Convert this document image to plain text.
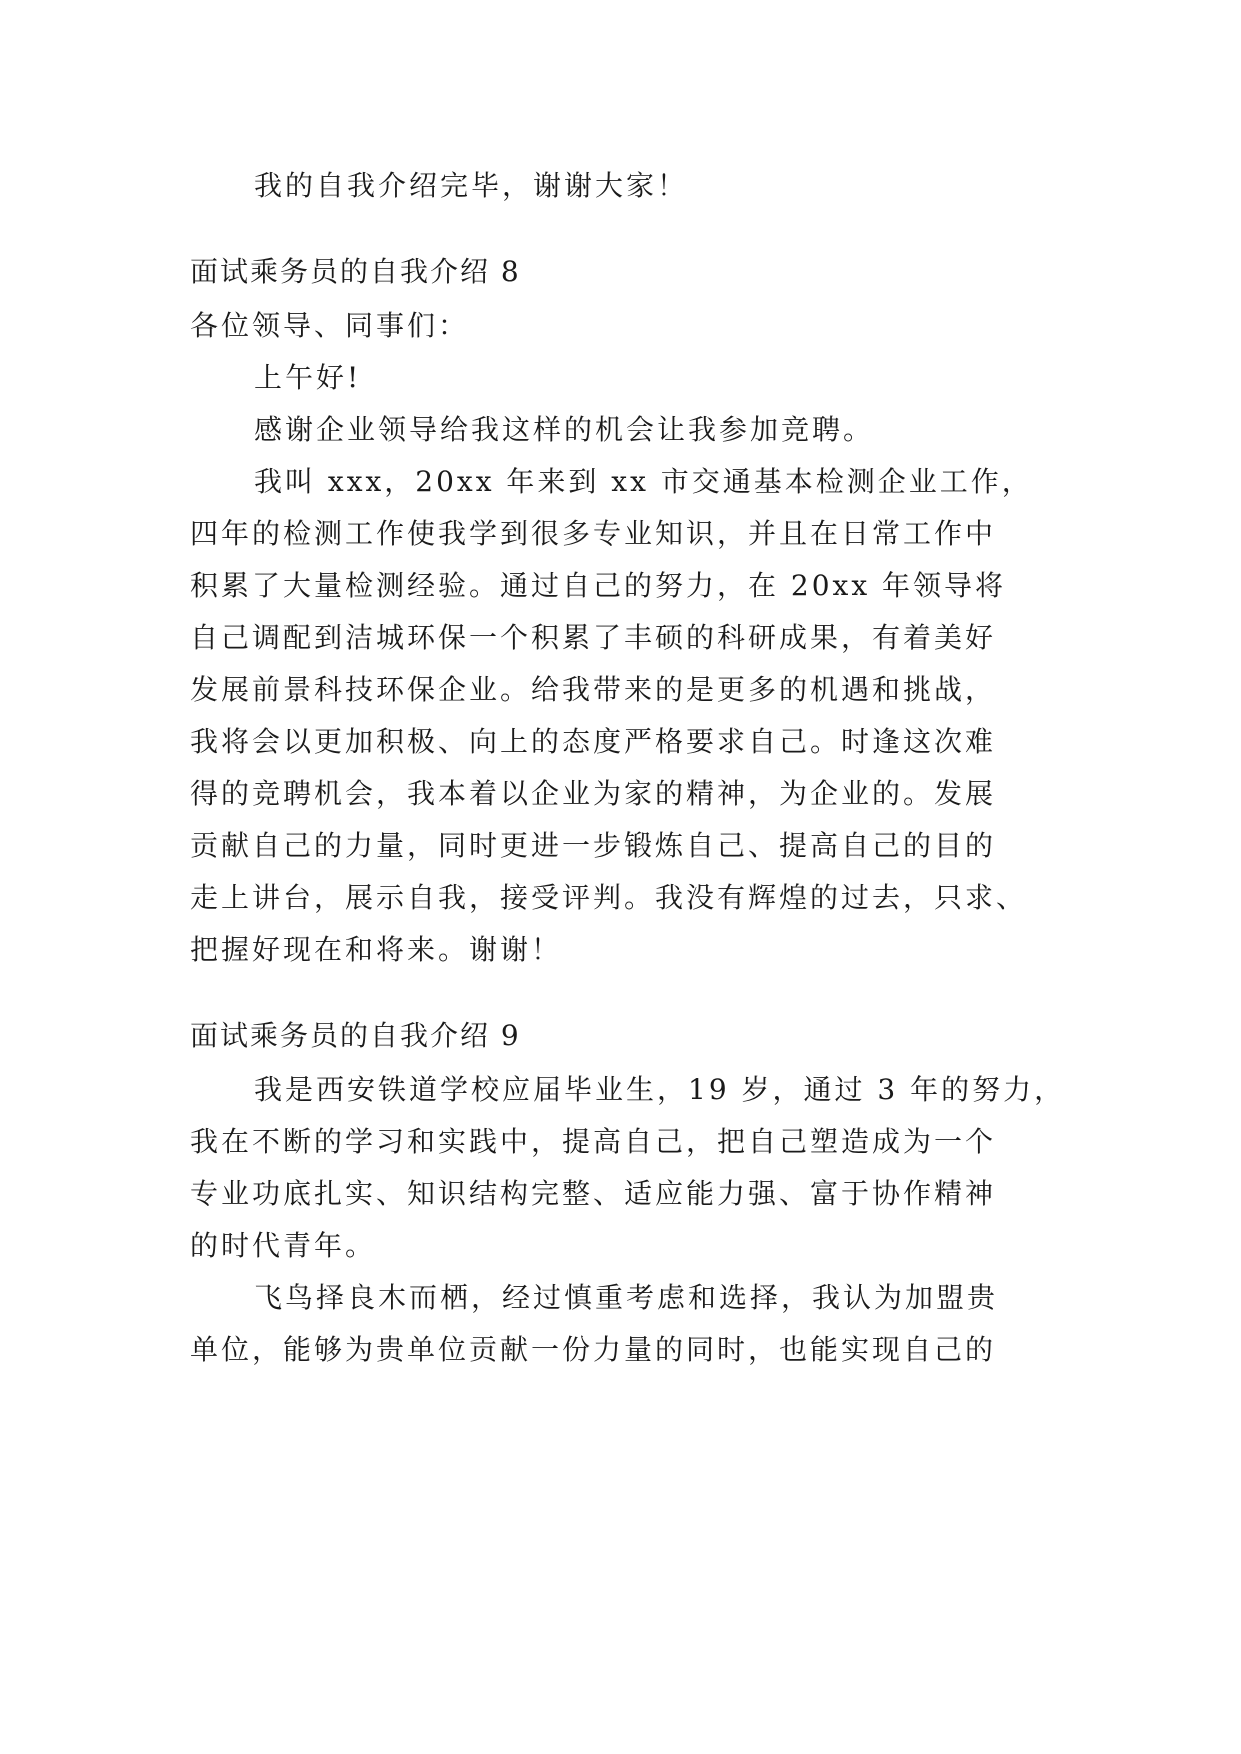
我的自我介绍完毕，谢谢大家！
面试乘务员的自我介绍 8
各位领导、同事们：
上午好!
感谢企业领导给我这样的机会让我参加竞聘。
我叫 xxx，20xx 年来到 xx 市交通基本检测企业工作，
四年的检测工作使我学到很多专业知识，并且在日常工作中
积累了大量检测经验。通过自己的努力，在 20xx 年领导将
自己调配到洁城环保一个积累了丰硕的科研成果，有着美好
发展前景科技环保企业。给我带来的是更多的机遇和挑战，
我将会以更加积极、向上的态度严格要求自己。时逢这次难
得的竞聘机会，我本着以企业为家的精神，为企业的。发展
贡献自己的力量，同时更进一步锻炼自己、提高自己的目的
走上讲台，展示自我，接受评判。我没有辉煌的过去，只求、
把握好现在和将来。谢谢！
面试乘务员的自我介绍 9
我是西安铁道学校应届毕业生，19 岁，通过 3 年的努力，
我在不断的学习和实践中，提高自己，把自己塑造成为一个
专业功底扎实、知识结构完整、适应能力强、富于协作精神
的时代青年。
飞鸟择良木而栖，经过慎重考虑和选择，我认为加盟贵
单位，能够为贵单位贡献一份力量的同时，也能实现自己的
